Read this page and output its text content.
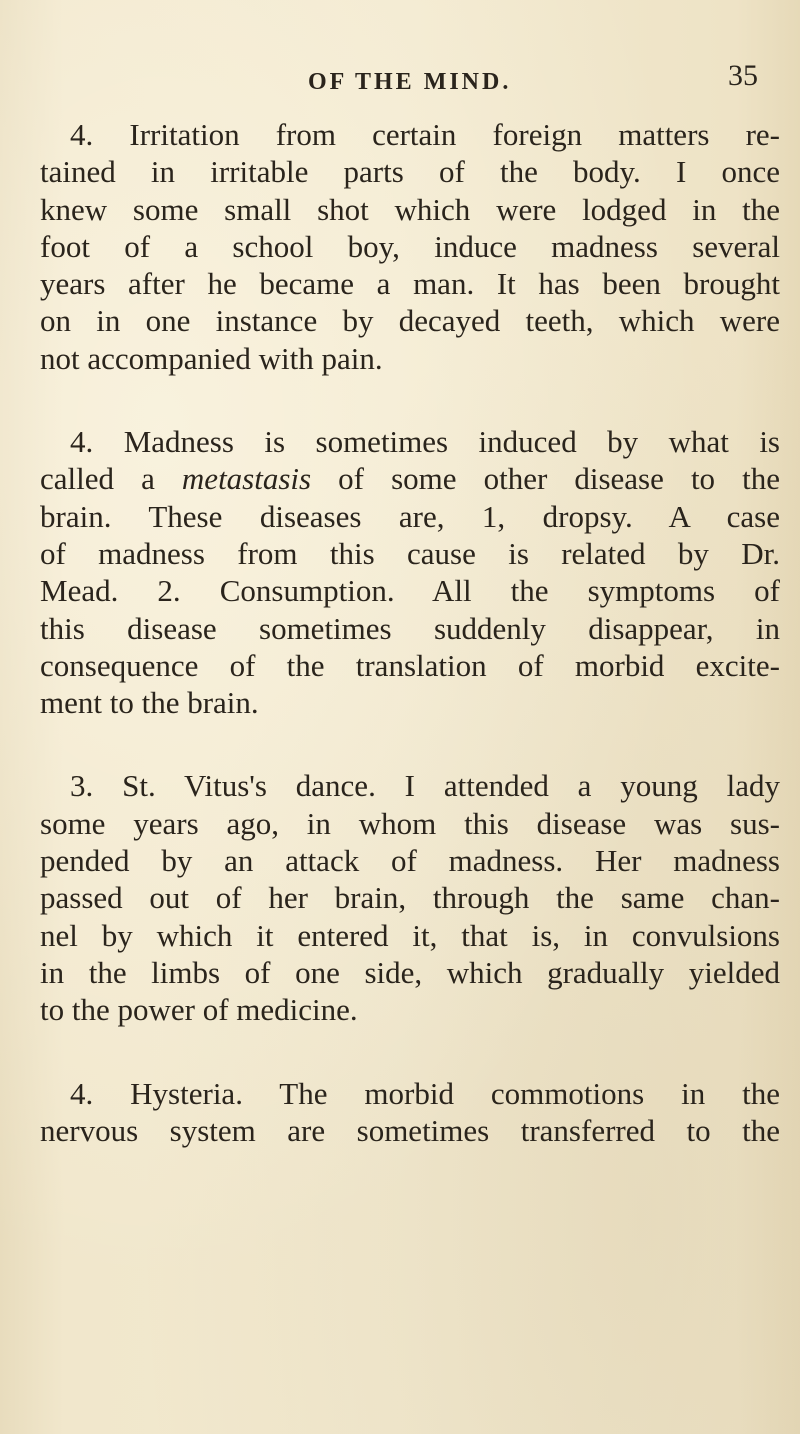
OF THE MIND.	35
4. Irritation from certain foreign matters re-
tained in irritable parts of the body. I once
knew some small shot which were lodged in the
foot of a school boy, induce madness several
years after he became a man. It has been brought
on in one instance by decayed teeth, which were
not accompanied with pain.
4. Madness is sometimes induced by what is
called a metastasis of some other disease to the
brain. These diseases are, 1, dropsy. A case
of madness from this cause is related by Dr.
Mead. 2. Consumption. All the symptoms of
this disease sometimes suddenly disappear, in
consequence of the translation of morbid excite-
ment to the brain.
3. St. Vitus's dance. I attended a young lady
some years ago, in whom this disease was sus-
pended by an attack of madness. Her madness
passed out of her brain, through the same chan-
nel by which it entered it, that is, in convulsions
in the limbs of one side, which gradually yielded
to the power of medicine.
4. Hysteria. The morbid commotions in the
nervous system are sometimes transferred to the
